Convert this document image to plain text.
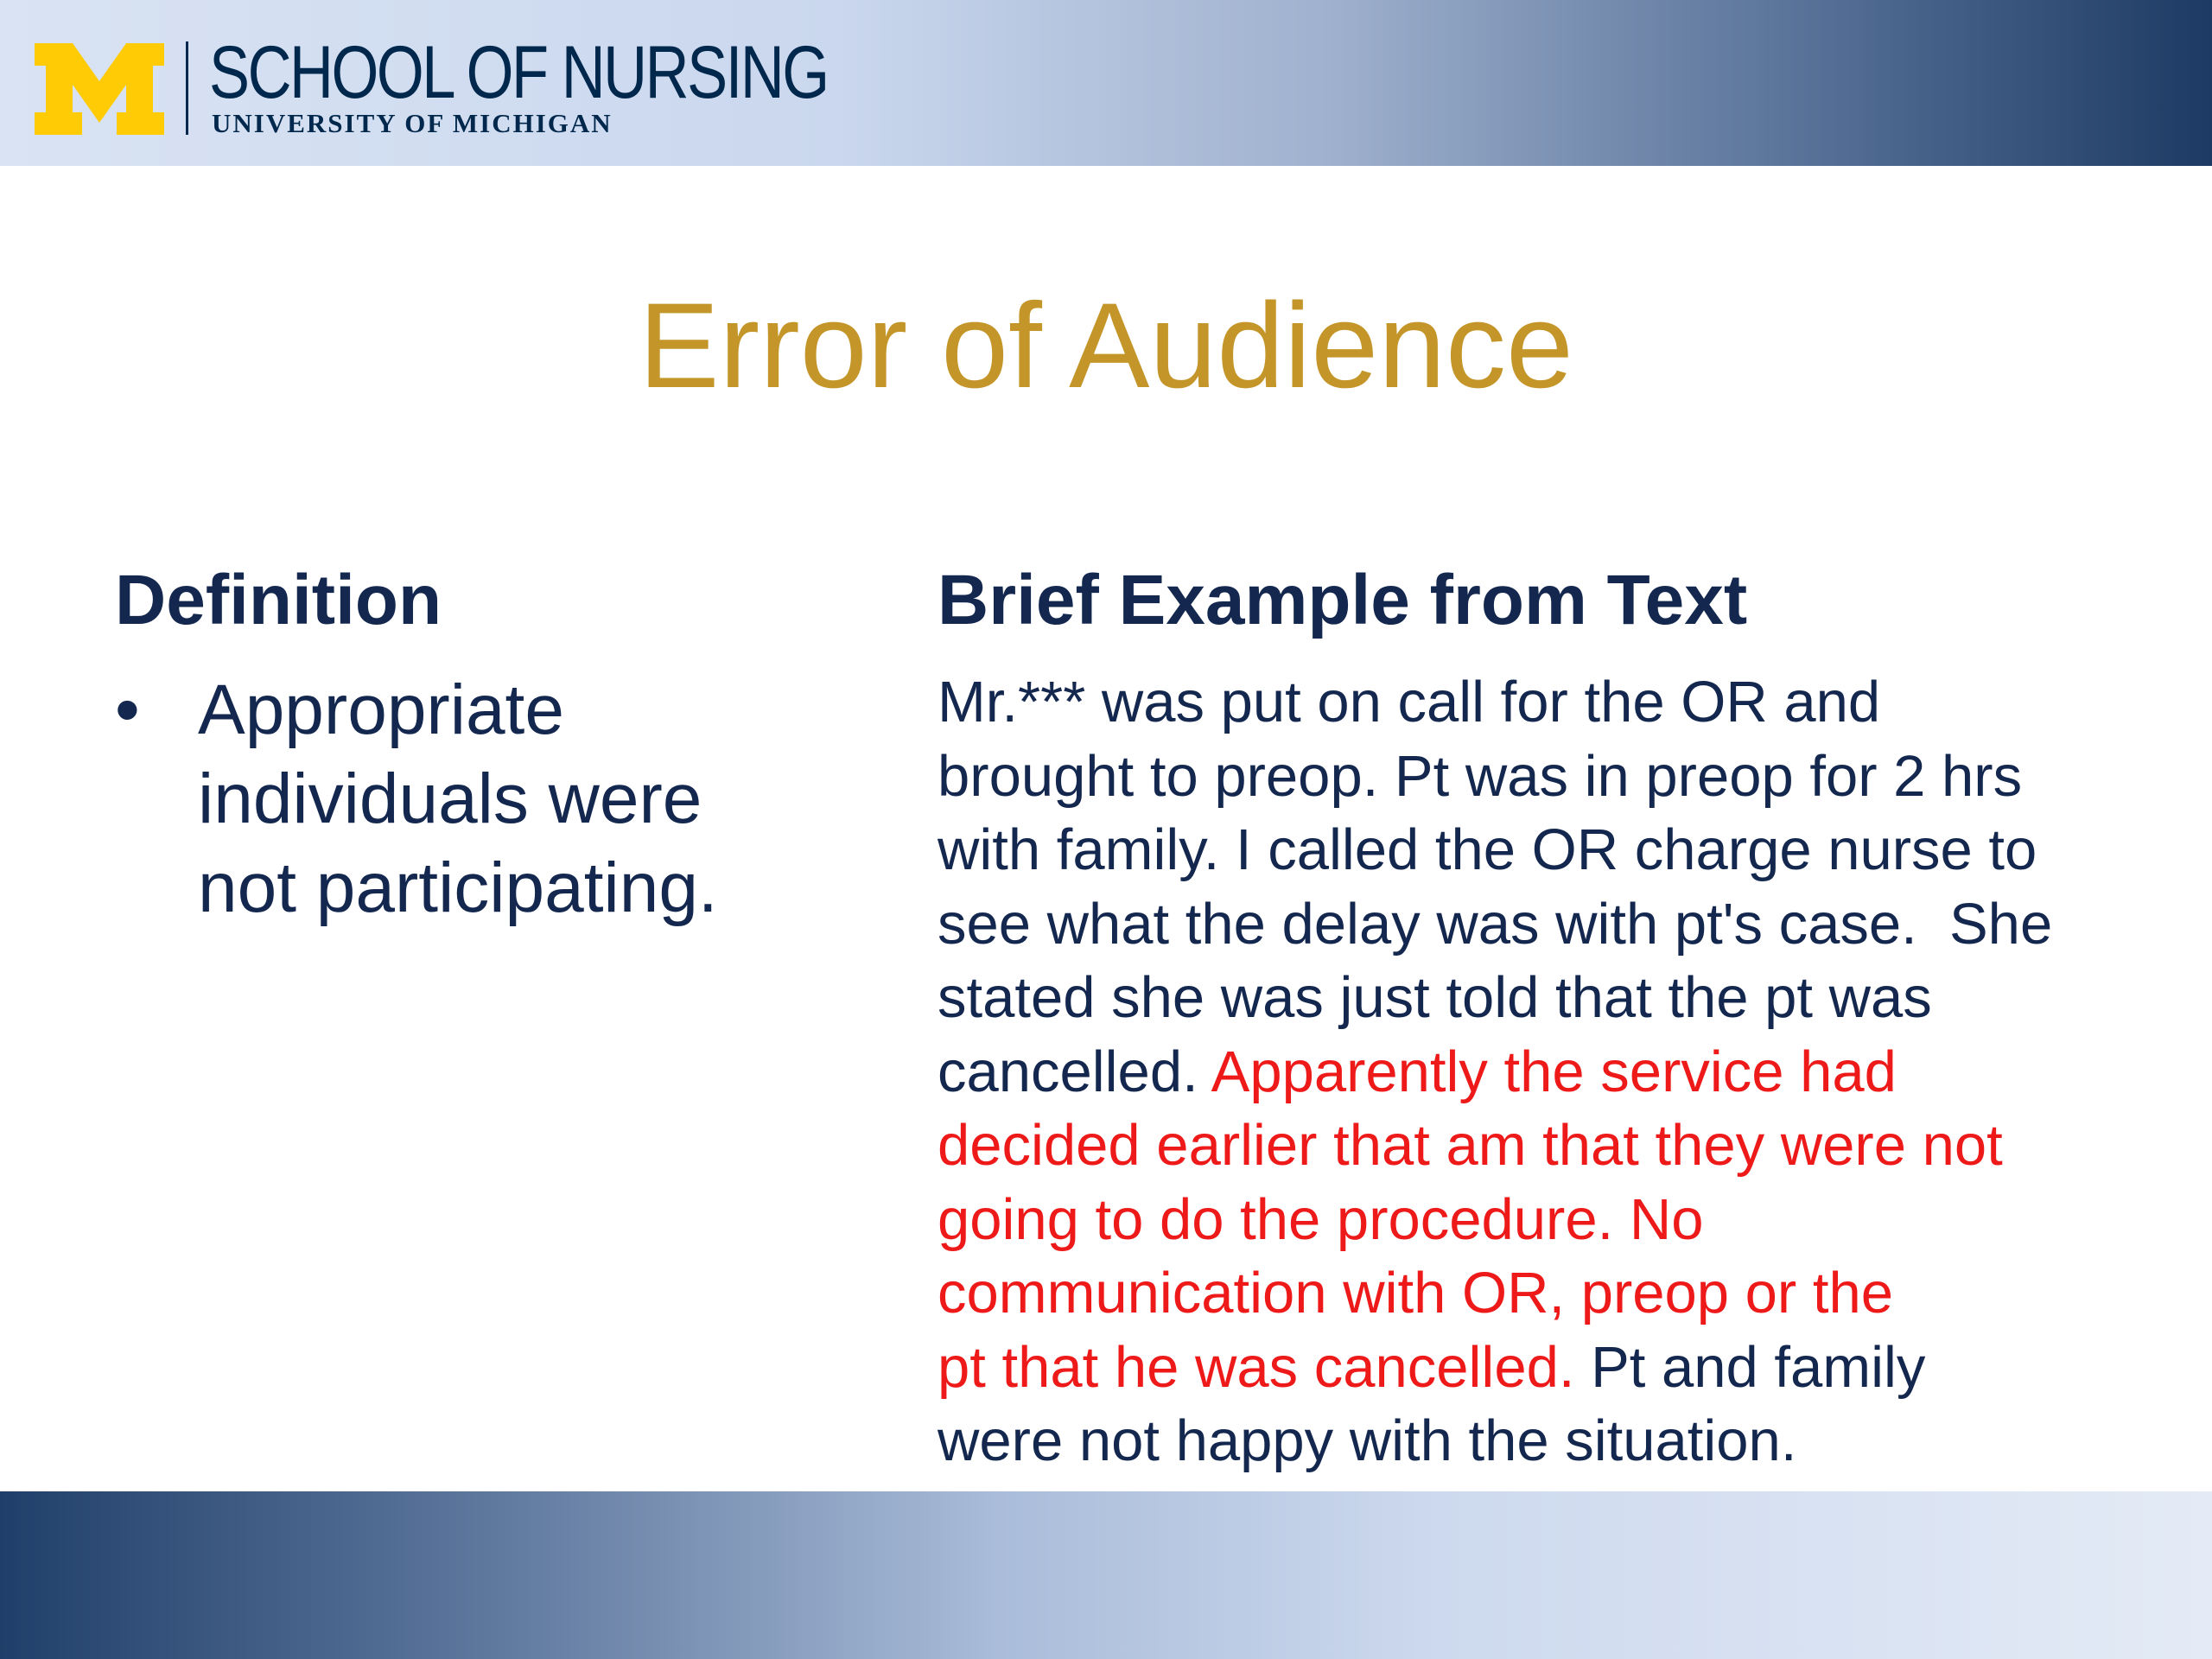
SCHOOL OF NURSING
UNIVERSITY OF MICHIGAN
Error of Audience
Definition
• Appropriate
individuals were
not participating.
Brief Example from Text
Mr.*** was put on call for the OR and
brought to preop. Pt was in preop for 2 hrs
with family. I called the OR charge nurse to
see what the delay was with pt's case.  She
stated she was just told that the pt was
cancelled. Apparently the service had
decided earlier that am that they were not
going to do the procedure. No
communication with OR, preop or the
pt that he was cancelled. Pt and family
were not happy with the situation.
